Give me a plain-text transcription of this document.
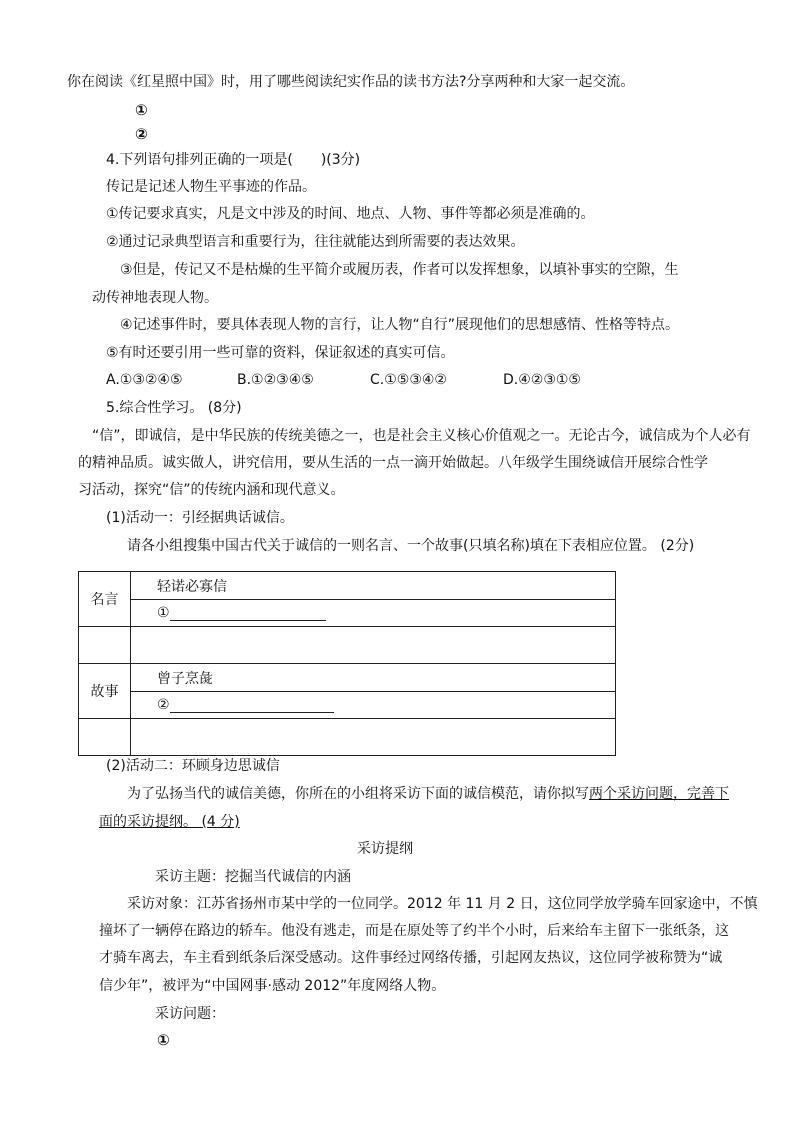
你在阅读《红星照中国》时，用了哪些阅读纪实作品的读书方法?分享两种和大家一起交流。
①
②
4.下列语句排列正确的一项是(　　)(3分)
传记是记述人物生平事迹的作品。
①传记要求真实，凡是文中涉及的时间、地点、人物、事件等都必须是准确的。
②通过记录典型语言和重要行为，往往就能达到所需要的表达效果。
③但是，传记又不是枯燥的生平简介或履历表，作者可以发挥想象，以填补事实的空隙，生
动传神地表现人物。
④记述事件时，要具体表现人物的言行，让人物“自行”展现他们的思想感情、性格等特点。
⑤有时还要引用一些可靠的资料，保证叙述的真实可信。
A.①③②④⑤	B.①②③④⑤	C.①⑤③④②	D.④②③①⑤
5.综合性学习。 (8分)
“信”，即诚信，是中华民族的传统美德之一，也是社会主义核心价值观之一。无论古今，诚信成为个人必有
的精神品质。诚实做人，讲究信用，要从生活的一点一滴开始做起。八年级学生围绕诚信开展综合性学
习活动，探究“信”的传统内涵和现代意义。
(1)活动一：引经据典话诚信。
请各小组搜集中国古代关于诚信的一则名言、一个故事(只填名称)填在下表相应位置。 (2分)
名言	轻诺必寡信
	①

故事	曾子烹彘
	②

(2)活动二：环顾身边思诚信
为了弘扬当代的诚信美德，你所在的小组将采访下面的诚信模范，请你拟写两个采访问题，完善下
面的采访提纲。 (4 分)
采访提纲
采访主题：挖掘当代诚信的内涵
采访对象：江苏省扬州市某中学的一位同学。2012 年 11 月 2 日，这位同学放学骑车回家途中，不慎
撞坏了一辆停在路边的轿车。他没有逃走，而是在原处等了约半个小时，后来给车主留下一张纸条，这
才骑车离去，车主看到纸条后深受感动。这件事经过网络传播，引起网友热议，这位同学被称赞为“诚
信少年”，被评为“中国网事·感动 2012”年度网络人物。
采访问题：
①
